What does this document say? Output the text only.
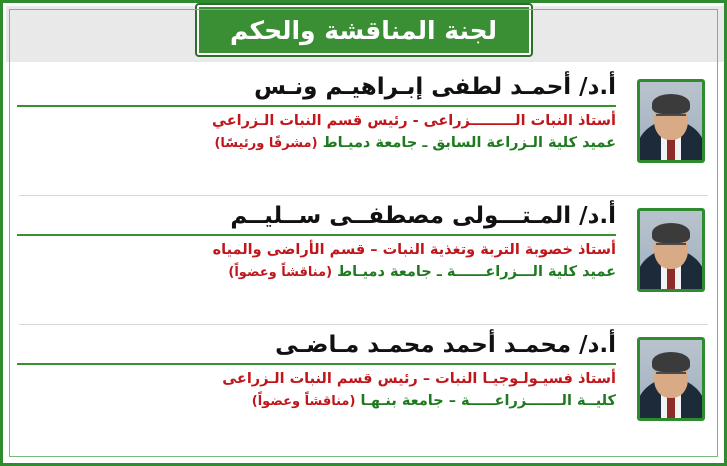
لجنة المناقشة والحكم
أ.د/ أحمـد لطفى إبـراهيـم ونـس
أستاذ النبات الـــــــــزراعى - رئيس قسم النبات الـزراعي
عميد كلية الـزراعة السابق ـ جامعة دميـاط (مشرفًا ورئيسًا)
أ.د/ المـتـــولى مصطفــى ســليــم
أستاذ خصوبة التربة وتغذية النبات – قسم الأراضى والمياه
عميد كلية الـــزراعــــــة ـ جامعة دميـاط (مناقشاً وعضواً)
أ.د/ محمـد أحمد محمـد مـاضـى
أستاذ فسيـولـوجيـا النبات – رئيس قسم النبات الـزراعى
كليــة الـــــــزراعـــــة – جامعة بنـهـا (مناقشاً وعضواً)
